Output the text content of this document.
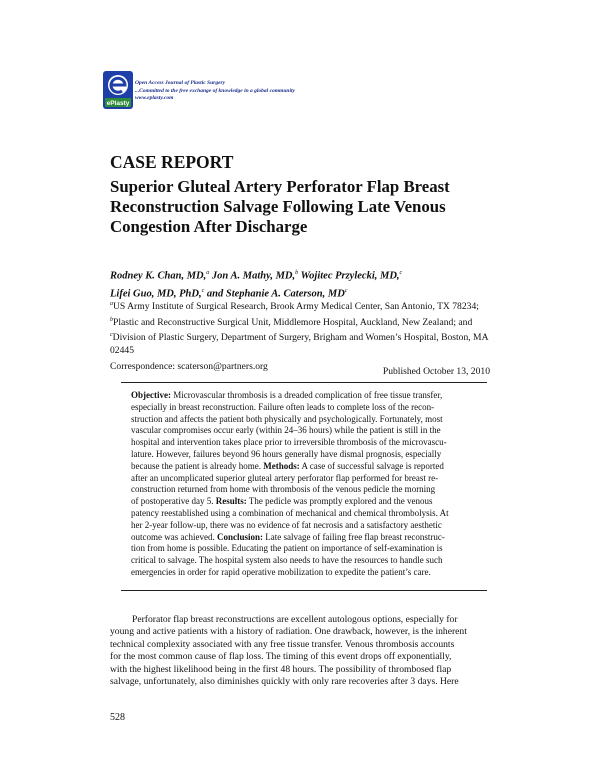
ePlasty
Open Access Journal of Plastic Surgery
...Committed to the free exchange of knowledge in a global community
www.eplasty.com
CASE REPORT
Superior Gluteal Artery Perforator Flap Breast
Reconstruction Salvage Following Late Venous
Congestion After Discharge
Rodney K. Chan, MD,$^a$ Jon A. Mathy, MD,$^b$ Wojitec Przylecki, MD,$^c$
Lifei Guo, MD, PhD,$^c$ and Stephanie A. Caterson, $MD^c$
$^a$US Army Institute of Surgical Research, Brook Army Medical Center, San Antonio, TX 78234;
$^b$Plastic and Reconstructive Surgical Unit, Middlemore Hospital, Auckland, New Zealand; and
$^c$Division of Plastic Surgery, Department of Surgery, Brigham and Women’s Hospital, Boston, MA
02445
Correspondence: scaterson@partners.org	Published October 13, 2010
Objective: Microvascular thrombosis is a dreaded complication of free tissue transfer,
especially in breast reconstruction. Failure often leads to complete loss of the recon-
struction and affects the patient both physically and psychologically. Fortunately, most
vascular compromises occur early (within 24–36 hours) while the patient is still in the
hospital and intervention takes place prior to irreversible thrombosis of the microvascu-
lature. However, failures beyond 96 hours generally have dismal prognosis, especially
because the patient is already home. Methods: A case of successful salvage is reported
after an uncomplicated superior gluteal artery perforator flap performed for breast re-
construction returned from home with thrombosis of the venous pedicle the morning
of postoperative day 5. Results: The pedicle was promptly explored and the venous
patency reestablished using a combination of mechanical and chemical thrombolysis. At
her 2-year follow-up, there was no evidence of fat necrosis and a satisfactory aesthetic
outcome was achieved. Conclusion: Late salvage of failing free flap breast reconstruc-
tion from home is possible. Educating the patient on importance of self-examination is
critical to salvage. The hospital system also needs to have the resources to handle such
emergencies in order for rapid operative mobilization to expedite the patient’s care.
Perforator flap breast reconstructions are excellent autologous options, especially for
young and active patients with a history of radiation. One drawback, however, is the inherent
technical complexity associated with any free tissue transfer. Venous thrombosis accounts
for the most common cause of flap loss. The timing of this event drops off exponentially,
with the highest likelihood being in the first 48 hours. The possibility of thrombosed flap
salvage, unfortunately, also diminishes quickly with only rare recoveries after 3 days. Here
528
